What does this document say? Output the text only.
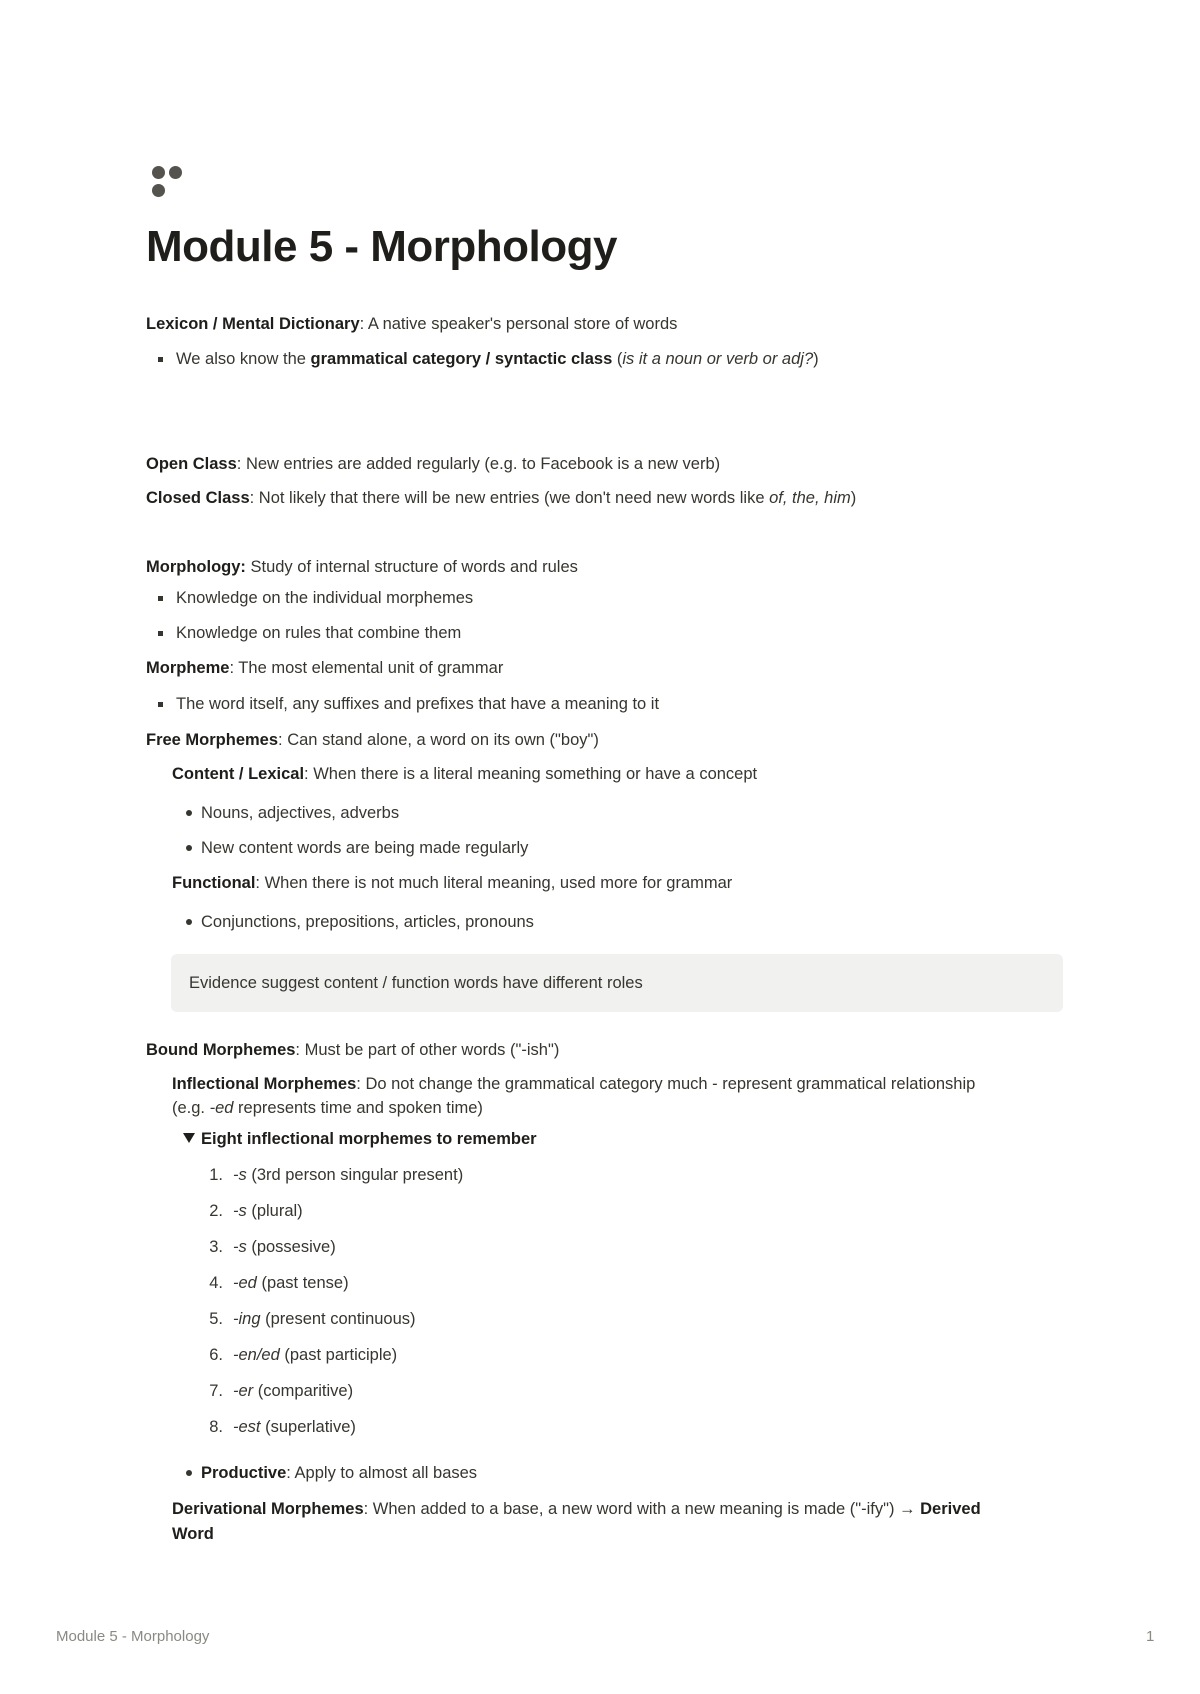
Module 5 - Morphology
Lexicon / Mental Dictionary: A native speaker's personal store of words
We also know the grammatical category / syntactic class (is it a noun or verb or adj?)
Open Class: New entries are added regularly (e.g. to Facebook is a new verb)
Closed Class: Not likely that there will be new entries (we don't need new words like of, the, him)
Morphology: Study of internal structure of words and rules
Knowledge on the individual morphemes
Knowledge on rules that combine them
Morpheme: The most elemental unit of grammar
The word itself, any suffixes and prefixes that have a meaning to it
Free Morphemes: Can stand alone, a word on its own ("boy")
Content / Lexical: When there is a literal meaning something or have a concept
Nouns, adjectives, adverbs
New content words are being made regularly
Functional: When there is not much literal meaning, used more for grammar
Conjunctions, prepositions, articles, pronouns
Evidence suggest content / function words have different roles
Bound Morphemes: Must be part of other words ("-ish")
Inflectional Morphemes: Do not change the grammatical category much - represent grammatical relationship
(e.g. -ed represents time and spoken time)
Eight inflectional morphemes to remember
1. -s (3rd person singular present)
2. -s (plural)
3. -s (possesive)
4. -ed (past tense)
5. -ing (present continuous)
6. -en/ed (past participle)
7. -er (comparitive)
8. -est (superlative)
Productive: Apply to almost all bases
Derivational Morphemes: When added to a base, a new word with a new meaning is made ("-ify") → Derived
Word
Module 5 - Morphology	1
